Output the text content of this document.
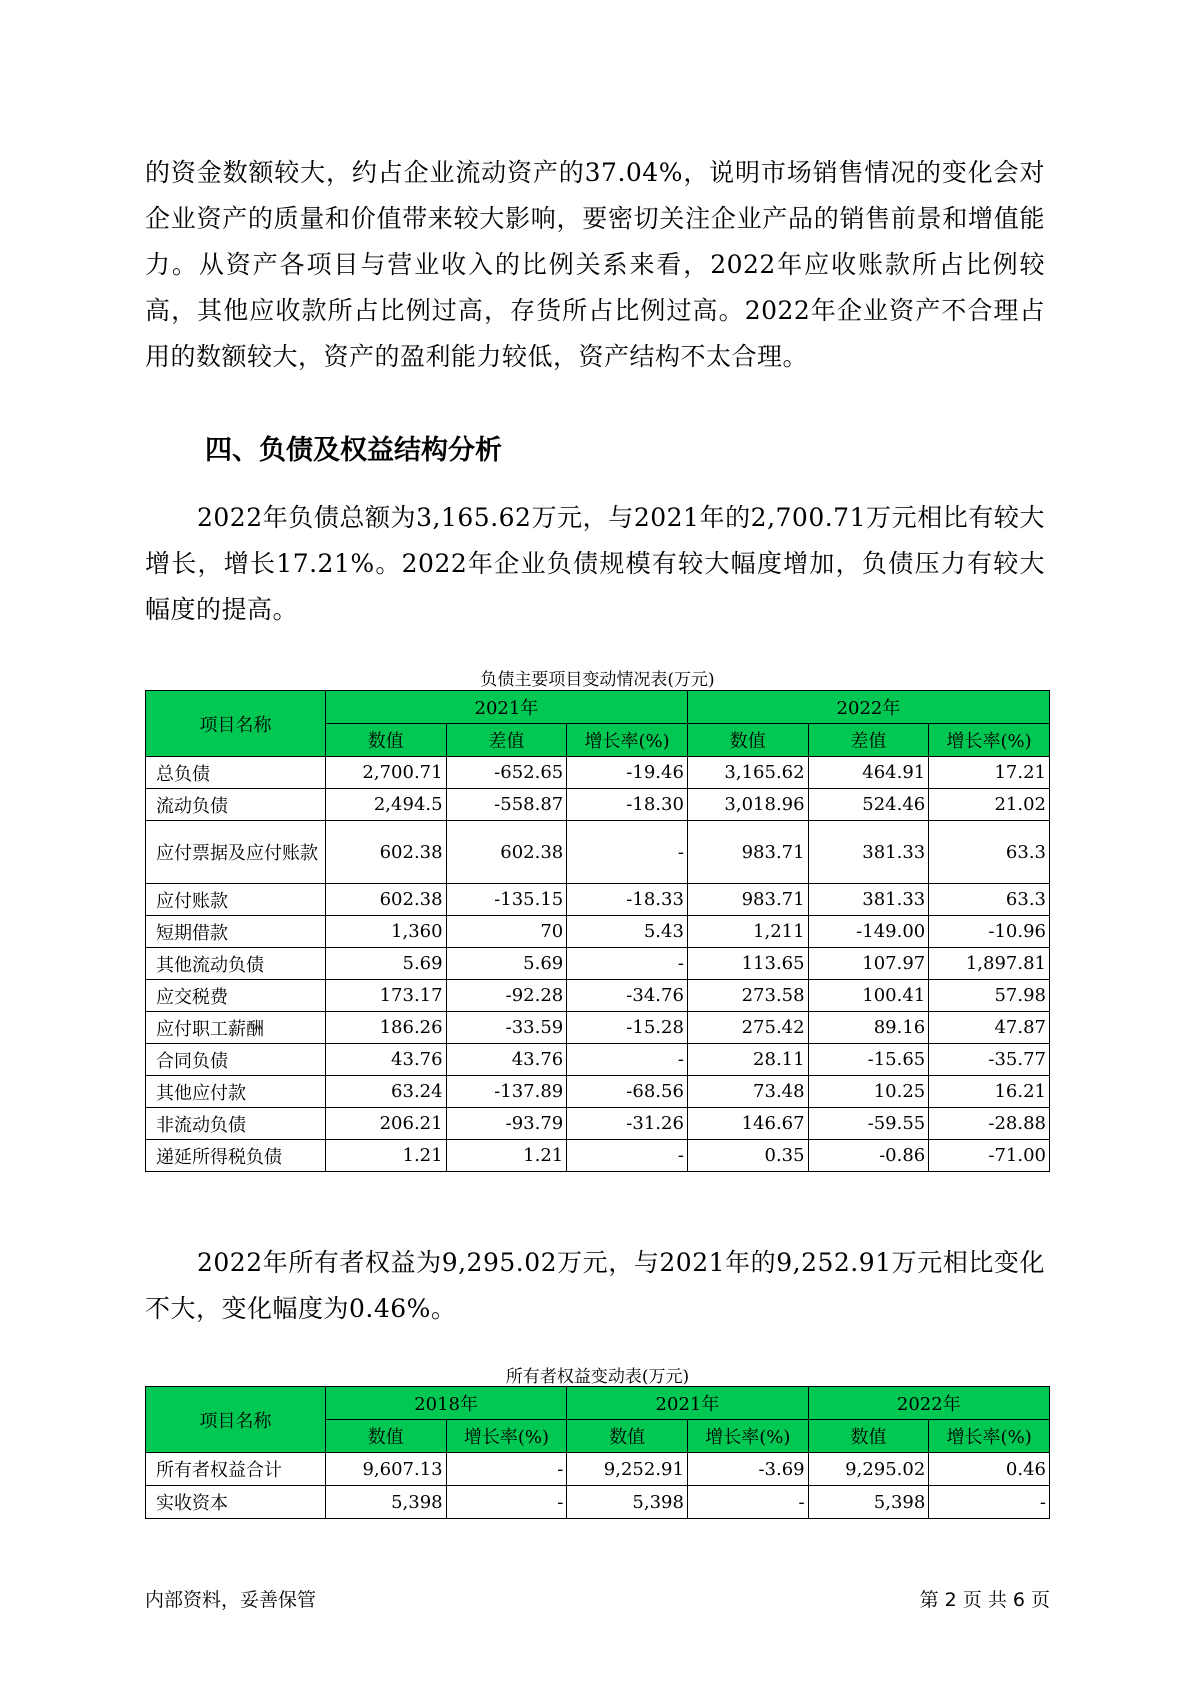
的资金数额较大，约占企业流动资产的37.04%，说明市场销售情况的变化会对企业资产的质量和价值带来较大影响，要密切关注企业产品的销售前景和增值能力。从资产各项目与营业收入的比例关系来看，2022年应收账款所占比例较高，其他应收款所占比例过高，存货所占比例过高。2022年企业资产不合理占用的数额较大，资产的盈利能力较低，资产结构不太合理。
四、负债及权益结构分析
2022年负债总额为3,165.62万元，与2021年的2,700.71万元相比有较大增长，增长17.21%。2022年企业负债规模有较大幅度增加，负债压力有较大幅度的提高。
负债主要项目变动情况表(万元)
项目名称	2021年			2022年		
	数值	差值	增长率(%)	数值	差值	增长率(%)
总负债	2,700.71	-652.65	-19.46	3,165.62	464.91	17.21
流动负债	2,494.5	-558.87	-18.30	3,018.96	524.46	21.02
应付票据及应付账款	602.38	602.38	-	983.71	381.33	63.3
应付账款	602.38	-135.15	-18.33	983.71	381.33	63.3
短期借款	1,360	70	5.43	1,211	-149.00	-10.96
其他流动负债	5.69	5.69	-	113.65	107.97	1,897.81
应交税费	173.17	-92.28	-34.76	273.58	100.41	57.98
应付职工薪酬	186.26	-33.59	-15.28	275.42	89.16	47.87
合同负债	43.76	43.76	-	28.11	-15.65	-35.77
其他应付款	63.24	-137.89	-68.56	73.48	10.25	16.21
非流动负债	206.21	-93.79	-31.26	146.67	-59.55	-28.88
递延所得税负债	1.21	1.21	-	0.35	-0.86	-71.00
2022年所有者权益为9,295.02万元，与2021年的9,252.91万元相比变化不大，变化幅度为0.46%。
所有者权益变动表(万元)
项目名称	2018年		2021年		2022年	
	数值	增长率(%)	数值	增长率(%)	数值	增长率(%)
所有者权益合计	9,607.13	-	9,252.91	-3.69	9,295.02	0.46
实收资本	5,398	-	5,398	-	5,398	-
内部资料，妥善保管	第 2 页 共 6 页
